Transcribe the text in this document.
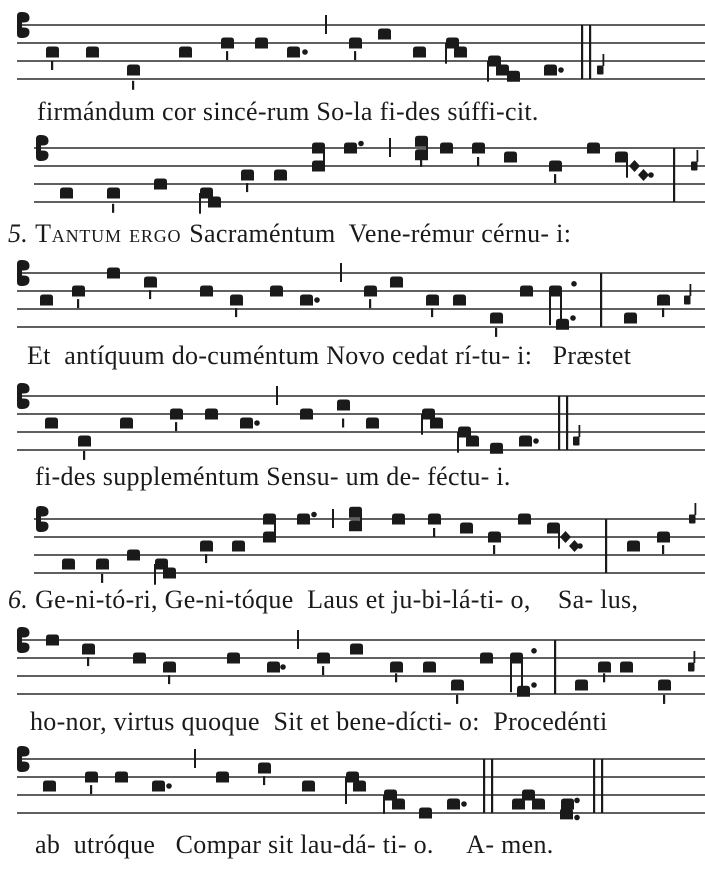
firmándum cor sincé-rum So-la fi-des súffi-cit.
5. Tantum ergo Sacraméntum  Vene-rémur cérnu- i:
Et  antíquum do-cuméntum Novo cedat rí-tu- i:   Præstet
fi-des suppleméntum Sensu- um de- féctu- i.
6. Ge-ni-tó-ri, Ge-ni-tóque  Laus et ju-bi-lá-ti- o,    Sa- lus,
ho-nor, virtus quoque  Sit et bene-dícti- o:  Procedénti
ab  utróque   Compar sit lau-dá- ti- o.     A- men.
